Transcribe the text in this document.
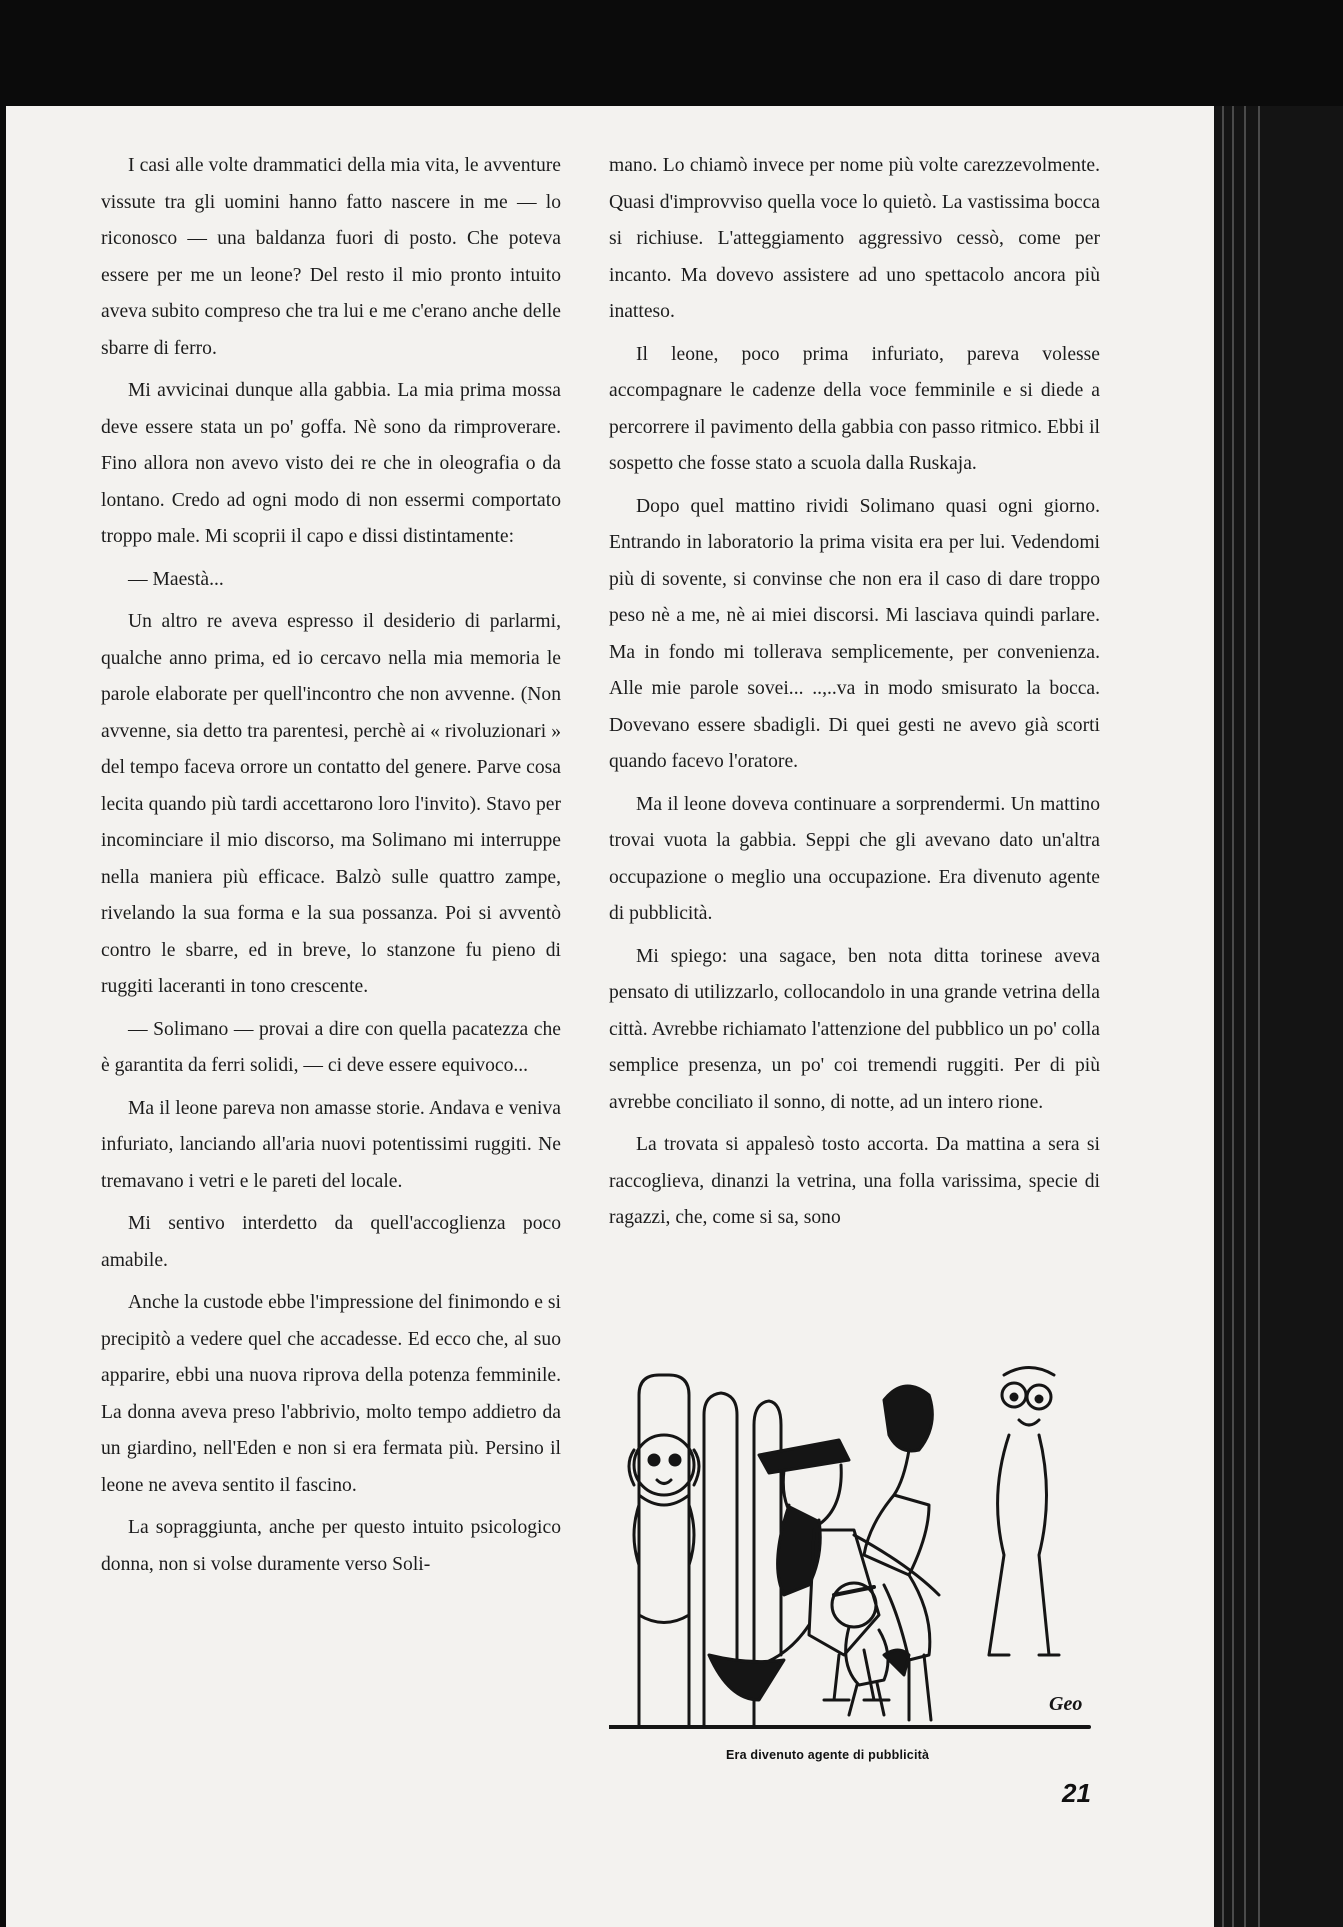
I casi alle volte drammatici della mia vita, le avventure vissute tra gli uomini hanno fatto nascere in me — lo riconosco — una baldanza fuori di posto. Che poteva essere per me un leone? Del resto il mio pronto intuito aveva subito compreso che tra lui e me c'erano anche delle sbarre di ferro.

Mi avvicinai dunque alla gabbia. La mia prima mossa deve essere stata un po' goffa. Nè sono da rimproverare. Fino allora non avevo visto dei re che in oleografia o da lontano. Credo ad ogni modo di non essermi comportato troppo male. Mi scoprii il capo e dissi distintamente:

— Maestà...

Un altro re aveva espresso il desiderio di parlarmi, qualche anno prima, ed io cercavo nella mia memoria le parole elaborate per quell'incontro che non avvenne. (Non avvenne, sia detto tra parentesi, perchè ai « rivoluzionari » del tempo faceva orrore un contatto del genere. Parve cosa lecita quando più tardi accettarono loro l'invito). Stavo per incominciare il mio discorso, ma Solimano mi interruppe nella maniera più efficace. Balzò sulle quattro zampe, rivelando la sua forma e la sua possanza. Poi si avventò contro le sbarre, ed in breve, lo stanzone fu pieno di ruggiti laceranti in tono crescente.

— Solimano — provai a dire con quella pacatezza che è garantita da ferri solidi, — ci deve essere equivoco...

Ma il leone pareva non amasse storie. Andava e veniva infuriato, lanciando all'aria nuovi potentissimi ruggiti. Ne tremavano i vetri e le pareti del locale.

Mi sentivo interdetto da quell'accoglienza poco amabile.

Anche la custode ebbe l'impressione del finimondo e si precipitò a vedere quel che accadesse. Ed ecco che, al suo apparire, ebbi una nuova riprova della potenza femminile. La donna aveva preso l'abbrivio, molto tempo addietro da un giardino, nell'Eden e non si era fermata più. Persino il leone ne aveva sentito il fascino.

La sopraggiunta, anche per questo intuito psicologico donna, non si volse duramente verso Soli-

mano. Lo chiamò invece per nome più volte carezzevolmente. Quasi d'improvviso quella voce lo quietò. La vastissima bocca si richiuse. L'atteggiamento aggressivo cessò, come per incanto. Ma dovevo assistere ad uno spettacolo ancora più inatteso.

Il leone, poco prima infuriato, pareva volesse accompagnare le cadenze della voce femminile e si diede a percorrere il pavimento della gabbia con passo ritmico. Ebbi il sospetto che fosse stato a scuola dalla Ruskaja.

Dopo quel mattino rividi Solimano quasi ogni giorno. Entrando in laboratorio la prima visita era per lui. Vedendomi più di sovente, si convinse che non era il caso di dare troppo peso nè a me, nè ai miei discorsi. Mi lasciava quindi parlare. Ma in fondo mi tollerava semplicemente, per convenienza. Alle mie parole sovei... ..,..va in modo smisurato la bocca. Dovevano essere sbadigli. Di quei gesti ne avevo già scorti quando facevo l'oratore.

Ma il leone doveva continuare a sorprendermi. Un mattino trovai vuota la gabbia. Seppi che gli avevano dato un'altra occupazione o meglio una occupazione. Era divenuto agente di pubblicità.

Mi spiego: una sagace, ben nota ditta torinese aveva pensato di utilizzarlo, collocandolo in una grande vetrina della città. Avrebbe richiamato l'attenzione del pubblico un po' colla semplice presenza, un po' coi tremendi ruggiti. Per di più avrebbe conciliato il sonno, di notte, ad un intero rione.

La trovata si appalesò tosto accorta. Da mattina a sera si raccoglieva, dinanzi la vetrina, una folla varissima, specie di ragazzi, che, come si sa, sono

Geo
Era divenuto agente di pubblicità
21
